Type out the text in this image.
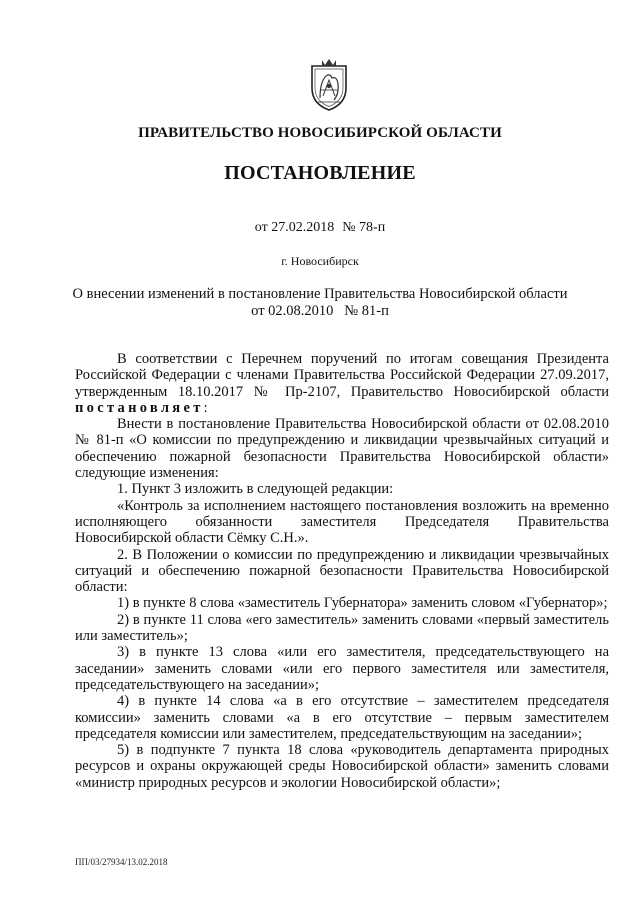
ПРАВИТЕЛЬСТВО НОВОСИБИРСКОЙ ОБЛАСТИ
ПОСТАНОВЛЕНИЕ
от 27.02.2018 № 78-п
г. Новосибирск
О внесении изменений в постановление Правительства Новосибирской области
от 02.08.2010   № 81-п

В соответствии с Перечнем поручений по итогам совещания Президента Российской Федерации с членами Правительства Российской Федерации 27.09.2017, утвержденным 18.10.2017 № Пр-2107, Правительство Новосибирской области постановляет:

Внести в постановление Правительства Новосибирской области от 02.08.2010 № 81-п «О комиссии по предупреждению и ликвидации чрезвычайных ситуаций и обеспечению пожарной безопасности Правительства Новосибирской области» следующие изменения:

1. Пункт 3 изложить в следующей редакции:

«Контроль за исполнением настоящего постановления возложить на временно исполняющего обязанности заместителя Председателя Правительства Новосибирской области Сёмку С.Н.».

2. В Положении о комиссии по предупреждению и ликвидации чрезвычайных ситуаций и обеспечению пожарной безопасности Правительства Новосибирской области:

1) в пункте 8 слова «заместитель Губернатора» заменить словом «Губернатор»;

2) в пункте 11 слова «его заместитель» заменить словами «первый заместитель или заместитель»;

3) в пункте 13 слова «или его заместителя, председательствующего на заседании» заменить словами «или его первого заместителя или заместителя, председательствующего на заседании»;

4) в пункте 14 слова «а в его отсутствие – заместителем председателя комиссии» заменить словами «а в его отсутствие – первым заместителем председателя комиссии или заместителем, председательствующим на заседании»;

5) в подпункте 7 пункта 18 слова «руководитель департамента природных ресурсов и охраны окружающей среды Новосибирской области» заменить словами «министр природных ресурсов и экологии Новосибирской области»;

ПП/03/27934/13.02.2018
